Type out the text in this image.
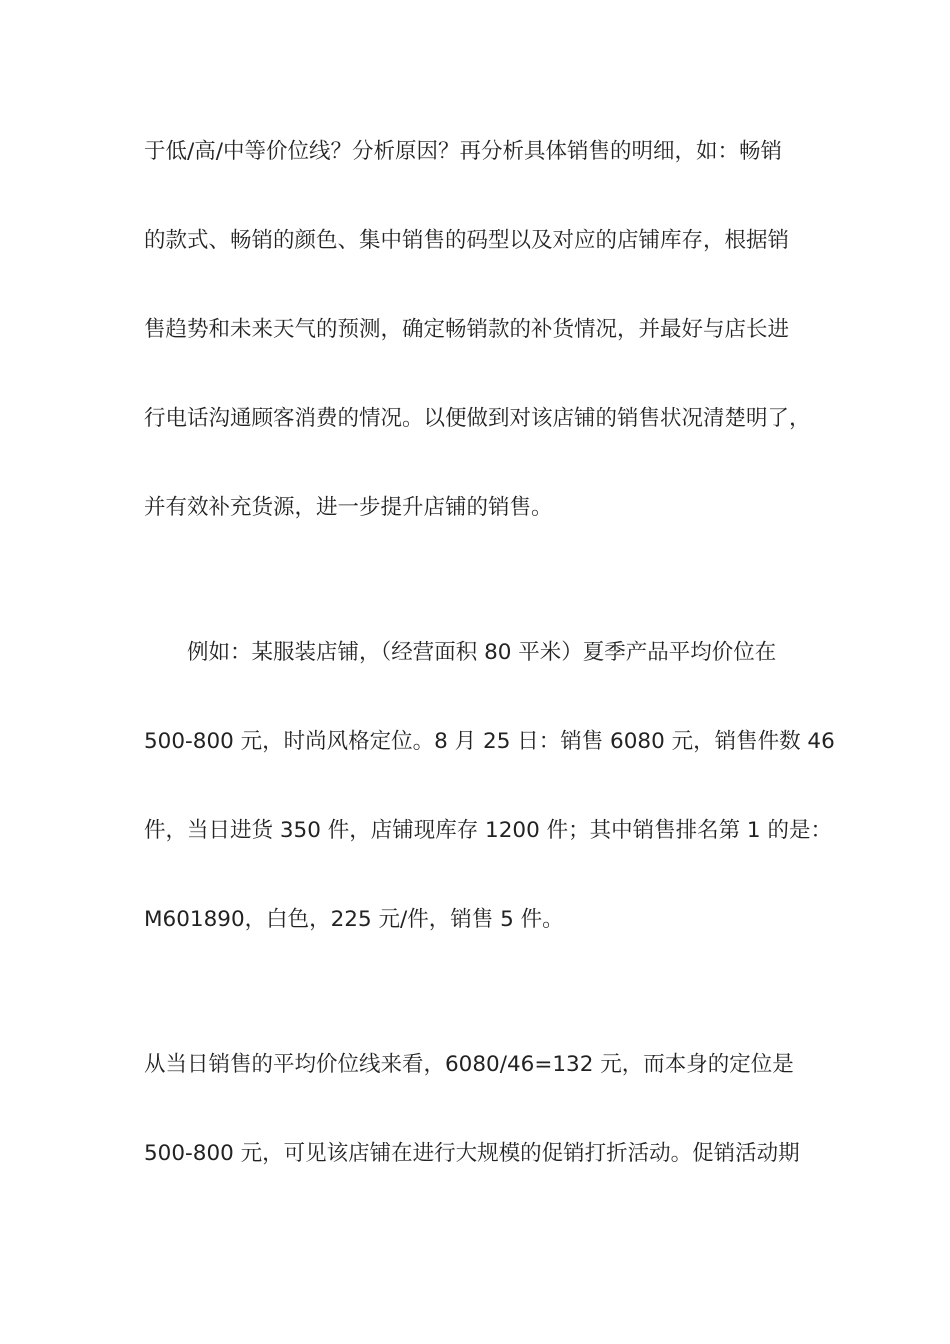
于低/高/中等价位线？分析原因？再分析具体销售的明细，如：畅销
的款式、畅销的颜色、集中销售的码型以及对应的店铺库存，根据销
售趋势和未来天气的预测，确定畅销款的补货情况，并最好与店长进
行电话沟通顾客消费的情况。以便做到对该店铺的销售状况清楚明了，
并有效补充货源，进一步提升店铺的销售。
例如：某服装店铺，（经营面积 80 平米）夏季产品平均价位在
500-800 元，时尚风格定位。8 月 25 日：销售 6080 元，销售件数 46
件，当日进货 350 件，店铺现库存 1200 件；其中销售排名第 1 的是：
M601890，白色，225 元/件，销售 5 件。
从当日销售的平均价位线来看，6080/46=132 元，而本身的定位是
500-800 元，可见该店铺在进行大规模的促销打折活动。促销活动期
